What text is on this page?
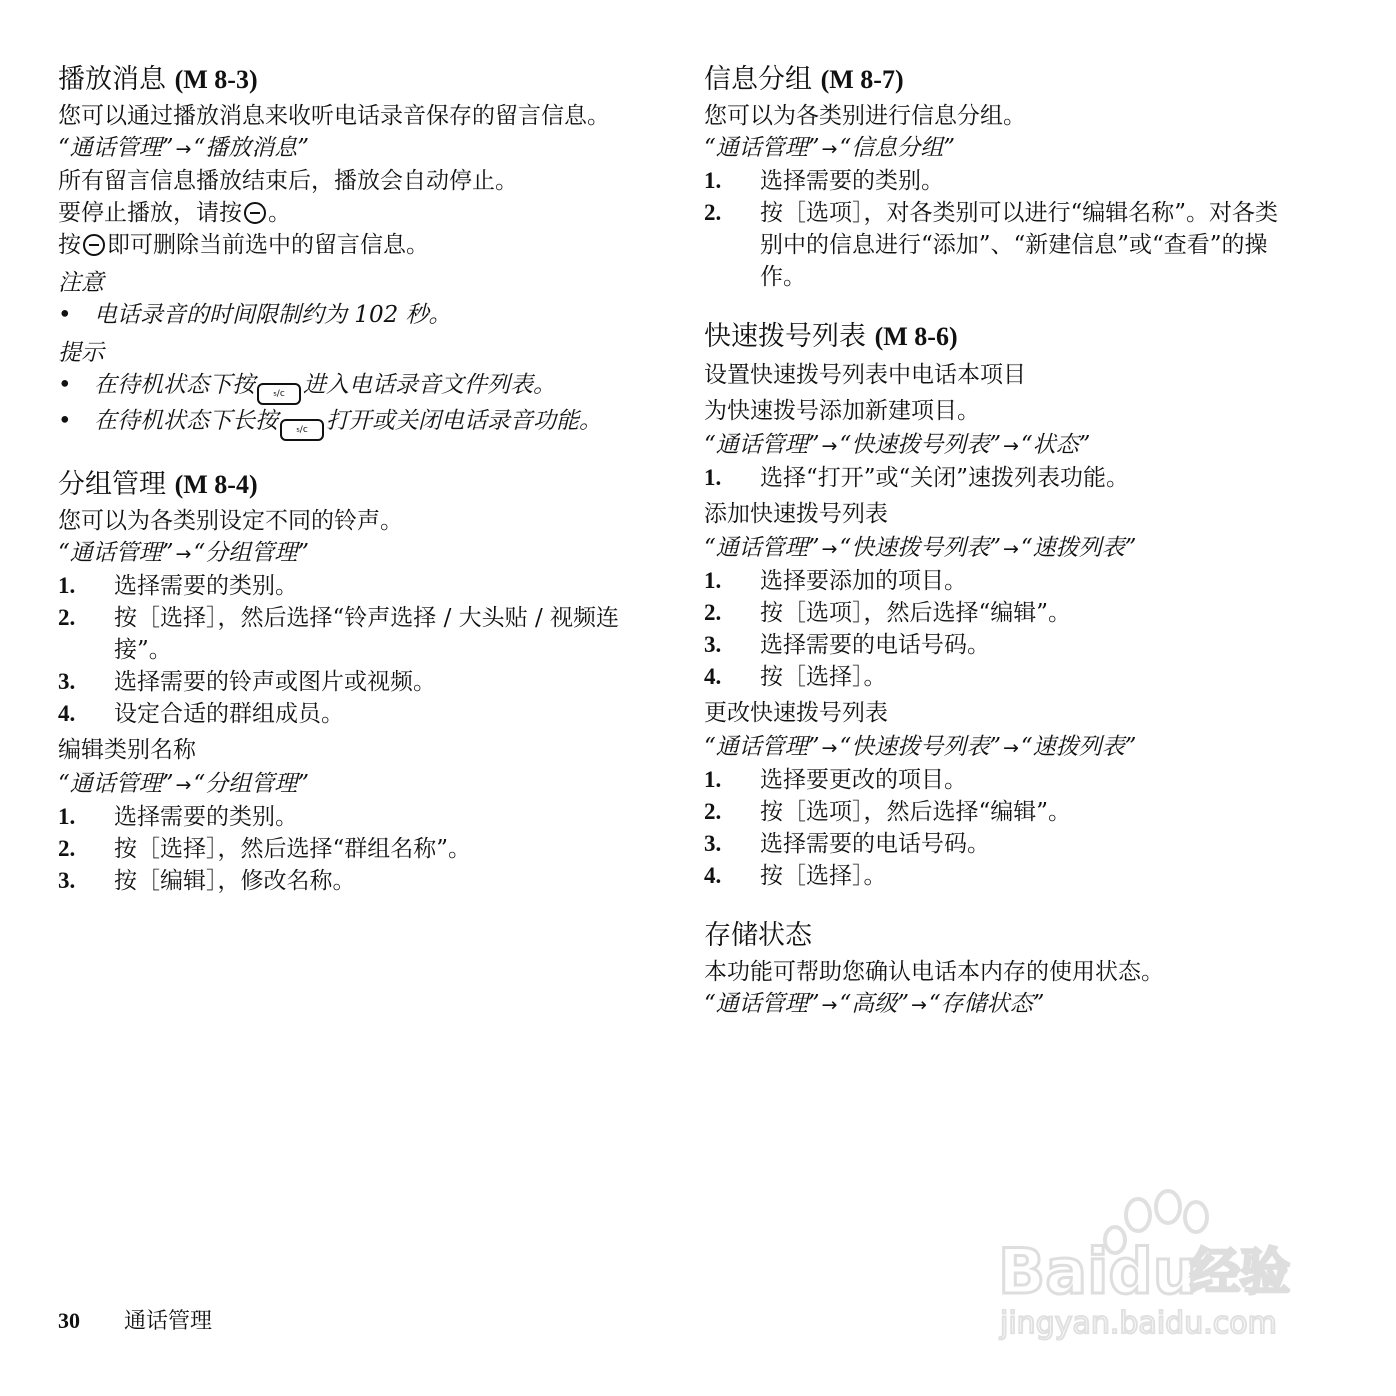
播放消息 (M 8-3)

您可以通过播放消息来收听电话录音保存的留言信息。

“通话管理” →“播放消息”

所有留言信息播放结束后，播放会自动停止。

要停止播放，请按 。

按 即可删除当前选中的留言信息。

注意
• 电话录音的时间限制约为 102 秒。
提示
• 在待机状态下按 ₅/c 进入电话录音文件列表。
• 在待机状态下长按 ₅/c 打开或关闭电话录音功能。
分组管理 (M 8-4)

您可以为各类别设定不同的铃声。

“通话管理” →“分组管理”
1. 选择需要的类别。
2. 按［选择］，然后选择“铃声选择 / 大头贴 / 视频连接”。
3. 选择需要的铃声或图片或视频。
4. 设定合适的群组成员。
编辑类别名称
“通话管理” →“分组管理”
1. 选择需要的类别。
2. 按［选择］，然后选择“群组名称”。
3. 按［编辑］，修改名称。
信息分组 (M 8-7)

您可以为各类别进行信息分组。

“通话管理” →“信息分组”
1. 选择需要的类别。
2. 按［选项］，对各类别可以进行“编辑名称”。对各类别中的信息进行“添加”、“新建信息”或“查看”的操作。
快速拨号列表 (M 8-6)
设置快速拨号列表中电话本项目
为快速拨号添加新建项目。
“通话管理” →“快速拨号列表” →“状态”
1. 选择“打开”或“关闭”速拨列表功能。
添加快速拨号列表
“通话管理” →“快速拨号列表” →“速拨列表”
1. 选择要添加的项目。
2. 按［选项］，然后选择“编辑”。
3. 选择需要的电话号码。
4. 按［选择］。
更改快速拨号列表
“通话管理” →“快速拨号列表” →“速拨列表”
1. 选择要更改的项目。
2. 按［选项］，然后选择“编辑”。
3. 选择需要的电话号码。
4. 按［选择］。
存储状态

本功能可帮助您确认电话本内存的使用状态。

“通话管理” →“高级” →“存储状态”
30 通话管理
Baidu
经验
jingyan.baidu.com
